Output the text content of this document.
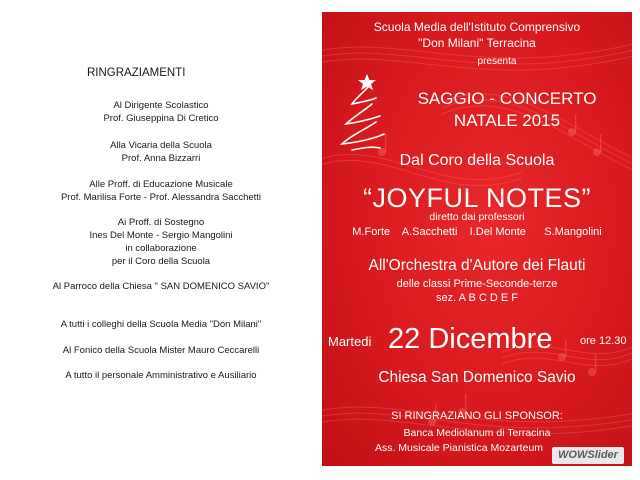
RINGRAZIAMENTI
Al Dirigente Scolastico
Prof. Giuseppina Di Cretico
Alla Vicaria della Scuola
Prof. Anna Bizzarri
Alle Proff. di Educazione Musicale
Prof. Marilisa Forte - Prof. Alessandra Sacchetti
Ai Proff. di Sostegno
Ines Del Monte - Sergio Mangolini
in collaborazione
per il Coro della Scuola
Al Parroco della Chiesa " SAN DOMENICO SAVIO"
A tutti i colleghi della Scuola Media "Don Milani"
Al Fonico della Scuola Mister Mauro Ceccarelli
A tutto il personale Amministrativo e Ausiliario
Scuola Media dell'Istituto Comprensivo
"Don Milani" Terracina
presenta
SAGGIO - CONCERTO
NATALE 2015
Dal Coro della Scuola
“JOYFUL NOTES”
diretto dai professori
M.Forte A.Sacchetti I.Del Monte S.Mangolini
All'Orchestra d'Autore dei Flauti
delle classi Prime-Seconde-terze
sez. A B C D E F
Martedi 22 Dicembre	ore 12.30
Chiesa San Domenico Savio
SI RINGRAZIANO GLI SPONSOR:
Banca Mediolanum di Terracina
Ass. Musicale Pianistica Mozarteum
WOWSlider
